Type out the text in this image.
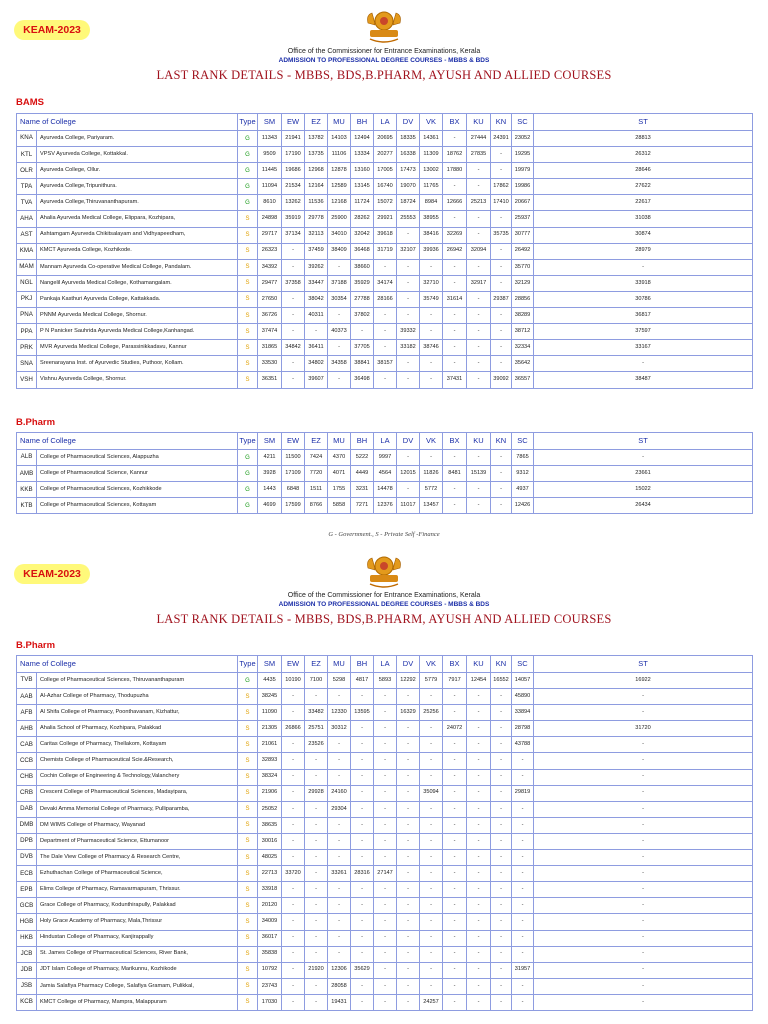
KEAM-2023
Office of the Commissioner for Entrance Examinations, Kerala
ADMISSION TO PROFESSIONAL DEGREE COURSES - MBBS & BDS
LAST RANK DETAILS - MBBS, BDS,B.PHARM, AYUSH AND ALLIED COURSES
BAMS
Name of College		Type	SM	EW	EZ	MU	BH	LA	DV	VK	BX	KU	KN	SC	ST	
KNA	Ayurveda College, Pariyaram.	G	11343	21941	13782	14103	12494	20695	18335	14361	-	27444	24391	23052	28813	
KTL	VPSV Ayurveda College, Kottakkal.	G	9509	17190	13735	11106	13334	20277	16338	11309	18762	27835	-	19295	26312	
OLR	Ayurveda College, Ollur.	G	11445	19686	12968	12878	13160	17005	17473	13002	17880	-	-	19979	28646	
TPA	Ayurveda College,Tripunithura.	G	11094	21534	12164	12589	13145	16740	19070	11765	-	-	17862	19986	27622	
TVA	Ayurveda College,Thiruvananthapuram.	G	8610	13262	11536	12168	11724	15072	18724	8984	12666	25213	17410	20667	22617	
AHA	Ahalia Ayurveda Medical College, Elippara, Kozhipara,	S	24898	35919	29778	25900	28262	29921	25553	38955	-	-	-	25937	31038	
AST	Ashtamgam Ayurveda Chikitsalayam and Vidhyapeedham,	S	29717	37134	32113	34010	32042	39618	-	38416	32269	-	35735	30777	30874	
KMA	KMCT Ayurveda College, Kozhikode.	S	26323	-	37459	38409	36468	31719	32107	39936	26942	32094	-	26492	28979	
MAM	Mannam Ayurveda Co-operative Medical College, Pandalam.	S	34392	-	39262	-	38660	-	-	-	-	-	-	35770	-	
NGL	Nangelil Ayurveda Medical College, Kothamangalam.	S	29477	37358	33447	37188	35929	34174	-	32710	-	32917	-	32129	33918	
PKJ	Pankaja Kasthuri Ayurveda College, Kattakkada.	S	27650	-	38042	30354	27788	28166	-	35749	31614	-	29387	28856	30786	
PNA	PNNM Ayurveda Medical College, Shornur.	S	36726	-	40311	-	37802	-	-	-	-	-	-	38289	36817	
PPA	P N Panicker Sauhrida Ayurveda Medical College,Kanhangad.	S	37474	-	-	40373	-	-	39332	-	-	-	-	38712	37597	
PRK	MVR Ayurveda Medical College, Parassinikkadavu, Kannur	S	31865	34842	36411	-	37705	-	33182	38746	-	-	-	32334	33167	
SNA	Sreenarayana Inst. of Ayurvedic Studies, Puthoor, Kollam.	S	33530	-	34802	34358	38841	38157	-	-	-	-	-	35642	-	
VSH	Vishnu Ayurveda College, Shornur.	S	36351	-	39607	-	36498	-	-	-	37431	-	39092	36557	38487	
B.Pharm
Name of College		Type	SM	EW	EZ	MU	BH	LA	DV	VK	BX	KU	KN	SC	ST	
ALB	College of Pharmaceutical Sciences, Alappuzha	G	4211	11500	7424	4370	5222	9997	-	-	-	-	-	7865	-	
AMB	College of Pharmaceutical Science, Kannur	G	3928	17109	7720	4071	4449	4564	12015	11826	8481	15139	-	9312	23661	
KKB	College of Pharmaceutical Sciences, Kozhikkode	G	1443	6848	1511	1755	3231	14478	-	5772	-	-	-	4937	15022	
KTB	College of Pharmaceutical Sciences, Kottayam	G	4699	17599	8766	5858	7271	12376	11017	13457	-	-	-	12426	26434	
G - Government., S - Private Self -Finance
KEAM-2023
Office of the Commissioner for Entrance Examinations, Kerala
ADMISSION TO PROFESSIONAL DEGREE COURSES - MBBS & BDS
LAST RANK DETAILS - MBBS, BDS,B.PHARM, AYUSH AND ALLIED COURSES
B.Pharm
Name of College		Type	SM	EW	EZ	MU	BH	LA	DV	VK	BX	KU	KN	SC	ST	
TVB	College of Pharmaceutical Sciences, Thiruvananthapuram	G	4435	10190	7100	5298	4817	5893	12292	5779	7917	12454	16552	14057	16922	
AAB	Al-Azhar College of Pharmacy, Thodupuzha	S	38245	-	-	-	-	-	-	-	-	-	-	45890	-	
AFB	Al Shifa College of Pharmacy, Poonthavanam, Kizhattur,	S	11090	-	33482	12330	13595	-	16329	25256	-	-	-	33894	-	
AHB	Ahalia School of Pharmacy, Kozhipara, Palakkad	S	21305	26866	25751	30312	-	-	-	-	24072	-	-	28798	31720	
CAB	Caritas College of Pharmacy, Thellakom, Kottayam	S	21061	-	23526	-	-	-	-	-	-	-	-	43788	-	
CCB	Chemists College of Pharmaceutical Scie.&Research,	S	32893	-	-	-	-	-	-	-	-	-	-	-	-	
CHB	Cochin College of Engineering & Technology,Valanchery	S	38324	-	-	-	-	-	-	-	-	-	-	-	-	
CRB	Crescent College of Pharmaceutical Sciences, Madayipara,	S	21906	-	29928	24160	-	-	-	35094	-	-	-	29819	-	
DAB	Devaki Amma Memorial College of Pharmacy, Pulliparamba,	S	25052	-	-	29304	-	-	-	-	-	-	-	-	-	
DMB	DM WIMS College of Pharmacy, Wayanad	S	38635	-	-	-	-	-	-	-	-	-	-	-	-	
DPB	Department of Pharmaceutical Science, Ettumanoor	S	30016	-	-	-	-	-	-	-	-	-	-	-	-	
DVB	The Dale View College of Pharmacy & Research Centre,	S	48025	-	-	-	-	-	-	-	-	-	-	-	-	
ECB	Ezhuthachan College of Pharmaceutical Science,	S	22713	33720	-	33261	28316	27147	-	-	-	-	-	-	-	
EPB	Elims College of Pharmacy, Ramavarmapuram, Thrissur.	S	33918	-	-	-	-	-	-	-	-	-	-	-	-	
GCB	Grace College of Pharmacy, Kodunthirapully, Palakkad	S	20120	-	-	-	-	-	-	-	-	-	-	-	-	
HGB	Holy Grace Academy of Pharmacy, Mala,Thrissur	S	34009	-	-	-	-	-	-	-	-	-	-	-	-	
HKB	Hindustan College of Pharmacy, Kanjirappally	S	36017	-	-	-	-	-	-	-	-	-	-	-	-	
JCB	St. James College of Pharmaceutical Sciences, River Bank,	S	35838	-	-	-	-	-	-	-	-	-	-	-	-	
JDB	JDT Islam College of Pharmacy, Marikunnu, Kozhikode	S	10792	-	21920	12306	35629	-	-	-	-	-	-	31957	-	
JSB	Jamia Salafiya Pharmacy College, Salafiya Gramam, Pulikkal,	S	23743	-	-	28058	-	-	-	-	-	-	-	-	-	
KCB	KMCT College of Pharmacy, Mampra, Malappuram	S	17030	-	-	19431	-	-	-	24257	-	-	-	-	-	
